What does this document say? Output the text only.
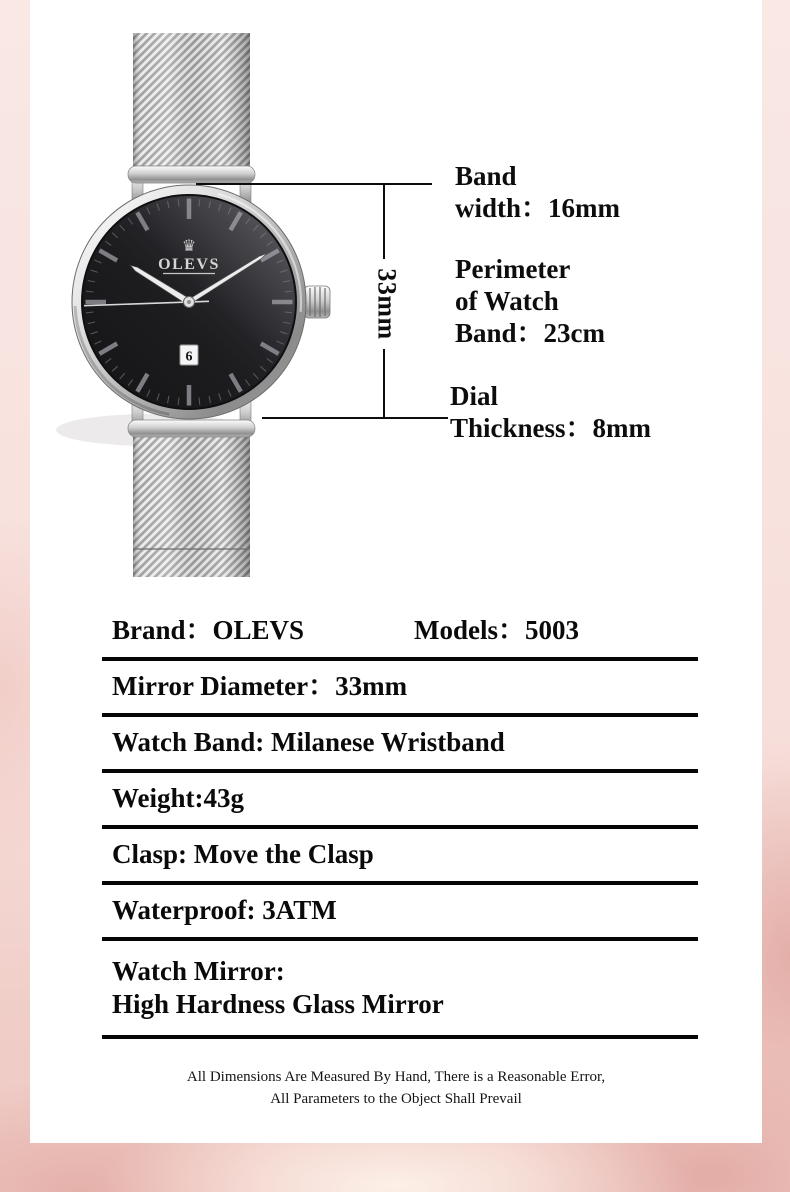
33mm
Band
width：16mm
Perimeter
of Watch
Band：23cm
Dial
Thickness：8mm
Brand：OLEVS	Models：5003
Mirror Diameter：33mm
Watch Band: Milanese Wristband
Weight:43g
Clasp: Move the Clasp
Waterproof: 3ATM
Watch Mirror:
High Hardness Glass Mirror
All Dimensions Are Measured By Hand, There is a Reasonable Error,
All Parameters to the Object Shall Prevail
